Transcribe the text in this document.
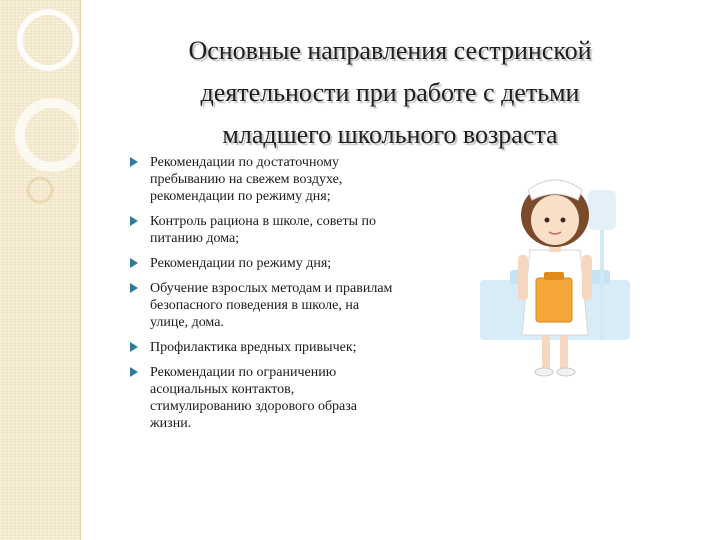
Основные направления сестринской
деятельности при работе с детьми
младшего школьного возраста
Рекомендации по достаточному пребыванию на свежем воздухе, рекомендации по режиму дня;
Контроль рациона в школе, советы по питанию дома;
Рекомендации по режиму дня;
Обучение взрослых методам и правилам безопасного поведения в школе, на улице, дома.
Профилактика вредных привычек;
Рекомендации по ограничению асоциальных контактов, стимулированию здорового образа жизни.
